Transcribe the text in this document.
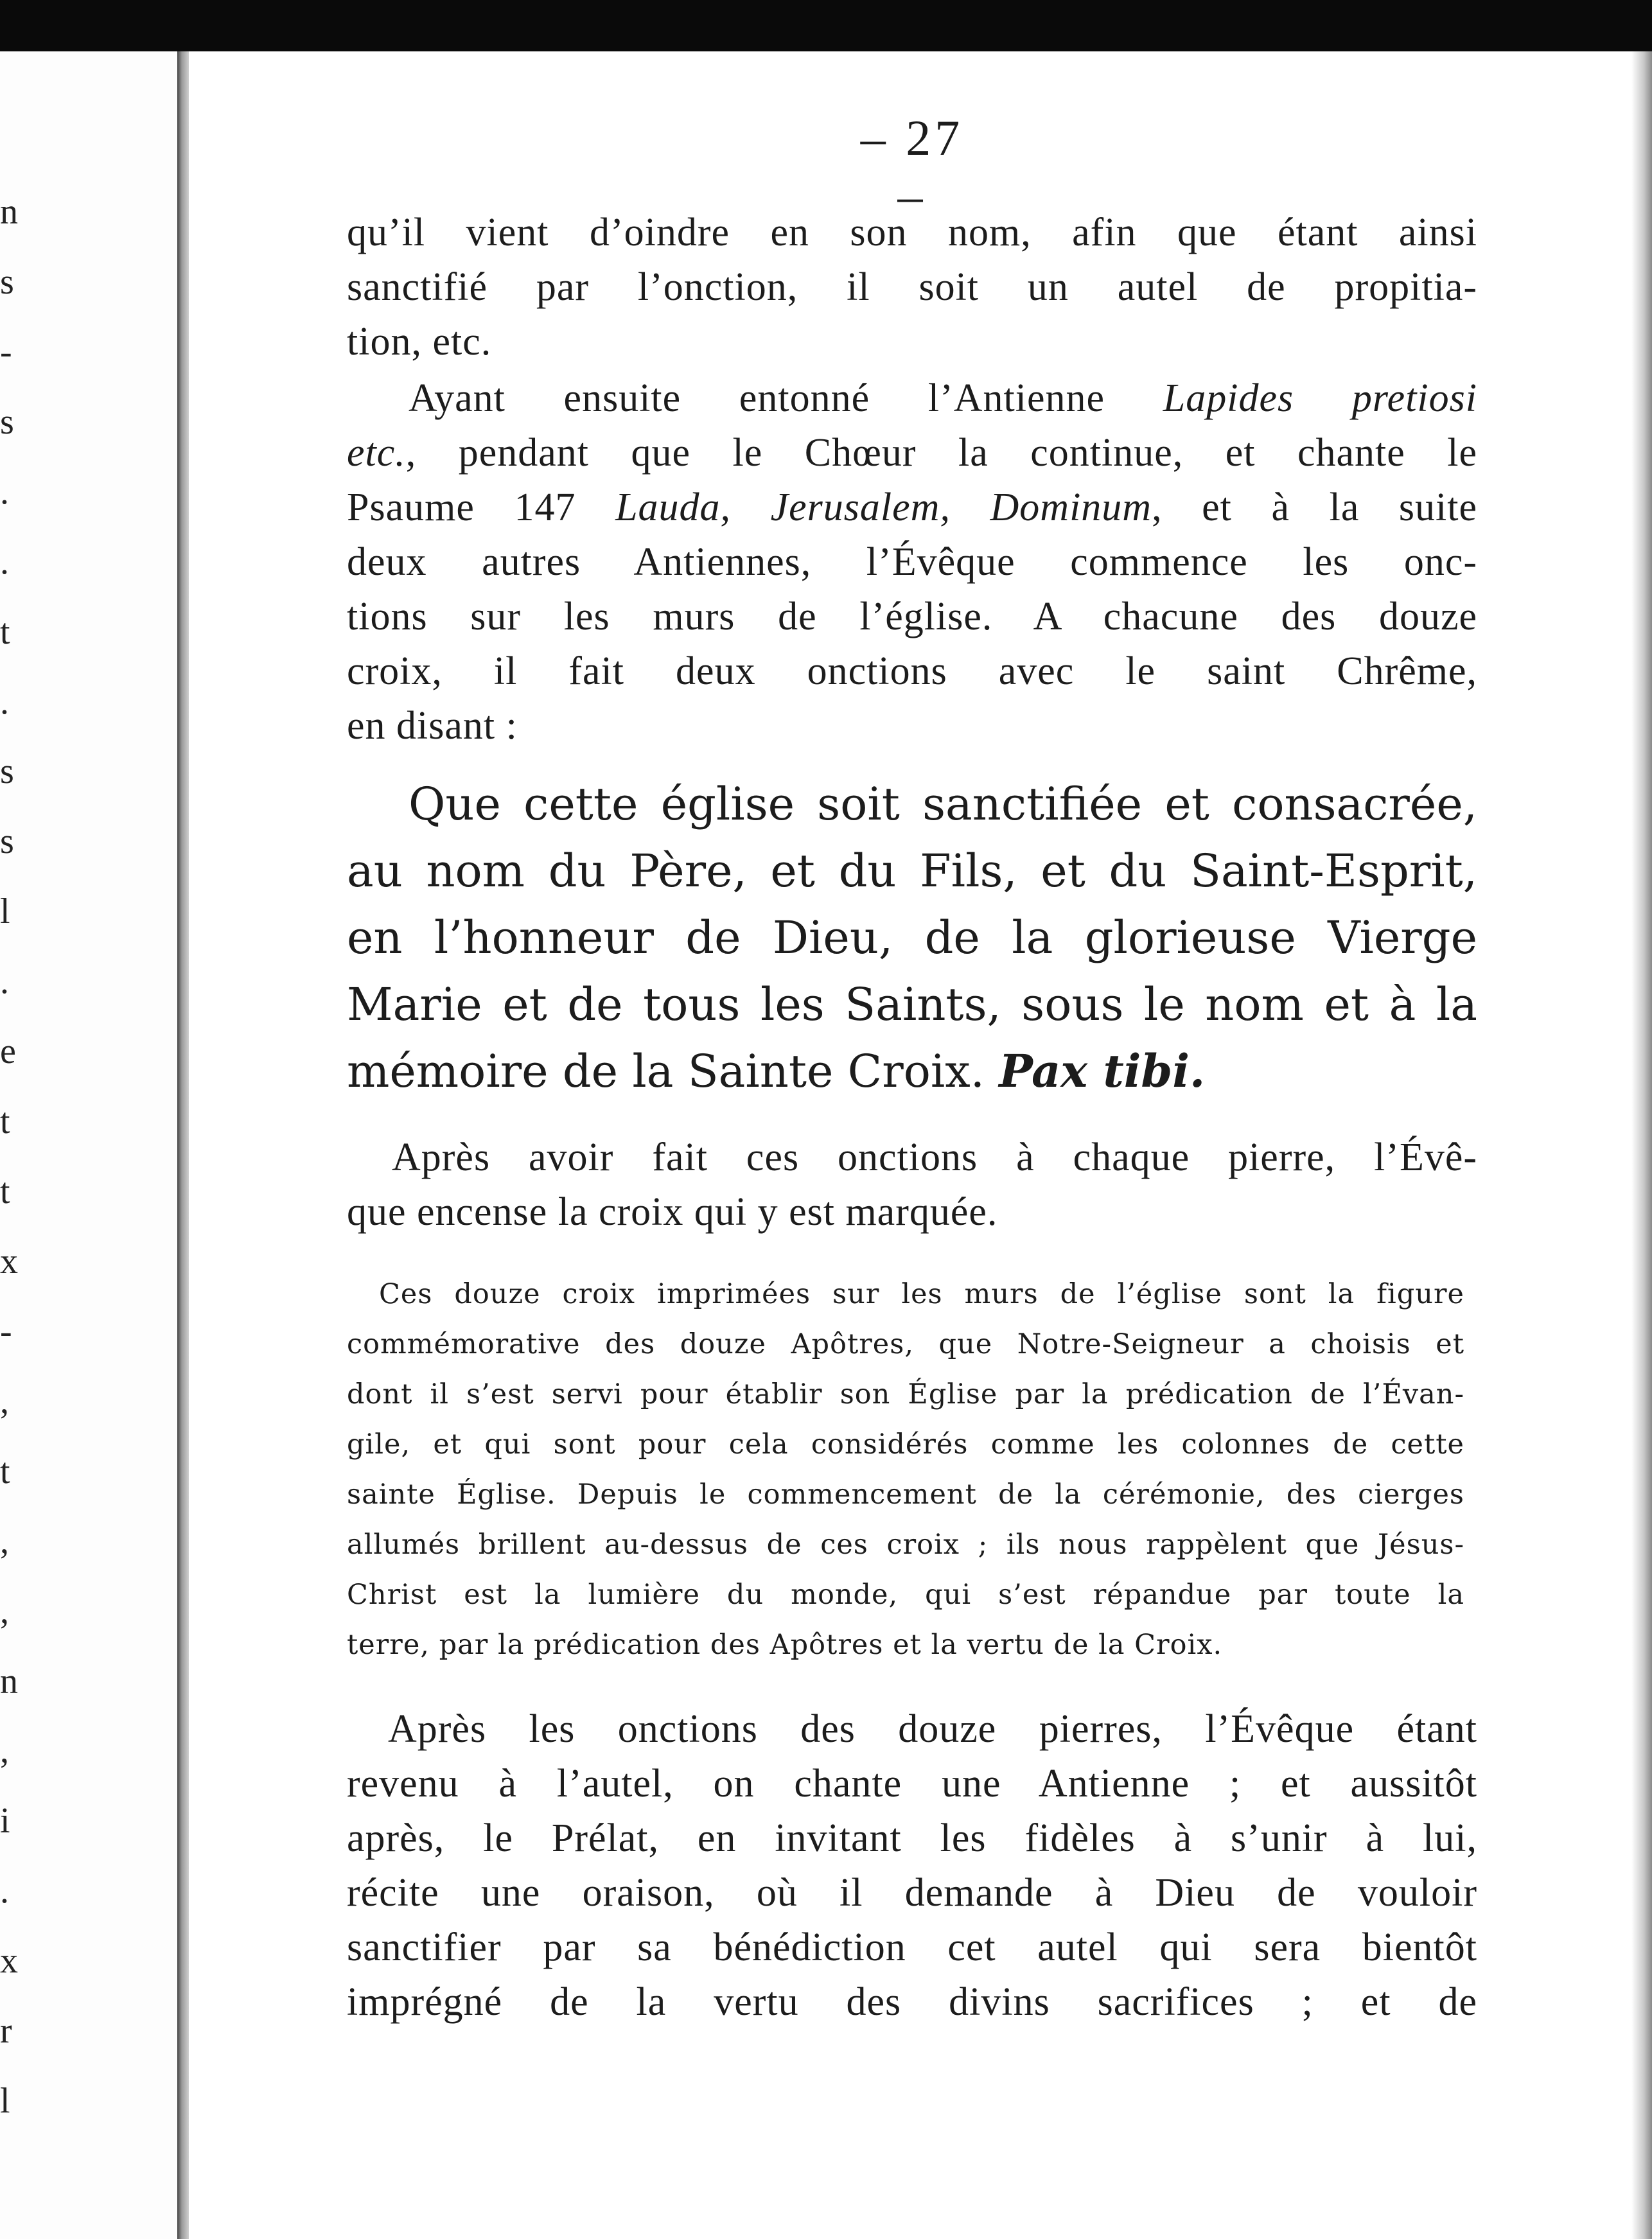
n
s
-
s
.
.
t
.
s
s
l
.
e
t
t
x
-
,
t
,
,
n
,
i
.
x
r
l
– 27 –
qu’il vient d’oindre en son nom, afin que étant ainsi
sanctifié par l’onction, il soit un autel de propitia-
tion, etc.
Ayant ensuite entonné l’Antienne Lapides pretiosi
etc., pendant que le Chœur la continue, et chante le
Psaume 147 Lauda, Jerusalem, Dominum, et à la suite
deux autres Antiennes, l’Évêque commence les onc-
tions sur les murs de l’église. A chacune des douze
croix, il fait deux onctions avec le saint Chrême,
en disant :
Que cette église soit sanctifiée et consacrée,
au nom du Père, et du Fils, et du Saint-Esprit,
en l’honneur de Dieu, de la glorieuse Vierge
Marie et de tous les Saints, sous le nom et à la
mémoire de la Sainte Croix. Pax tibi.
Après avoir fait ces onctions à chaque pierre, l’Évê-
que encense la croix qui y est marquée.
Ces douze croix imprimées sur les murs de l’église sont la figure
commémorative des douze Apôtres, que Notre-Seigneur a choisis et
dont il s’est servi pour établir son Église par la prédication de l’Évan-
gile, et qui sont pour cela considérés comme les colonnes de cette
sainte Église. Depuis le commencement de la cérémonie, des cierges
allumés brillent au-dessus de ces croix ; ils nous rappèlent que Jésus-
Christ est la lumière du monde, qui s’est répandue par toute la
terre, par la prédication des Apôtres et la vertu de la Croix.
Après les onctions des douze pierres, l’Évêque étant
revenu à l’autel, on chante une Antienne ; et aussitôt
après, le Prélat, en invitant les fidèles à s’unir à lui,
récite une oraison, où il demande à Dieu de vouloir
sanctifier par sa bénédiction cet autel qui sera bientôt
imprégné de la vertu des divins sacrifices ; et de
